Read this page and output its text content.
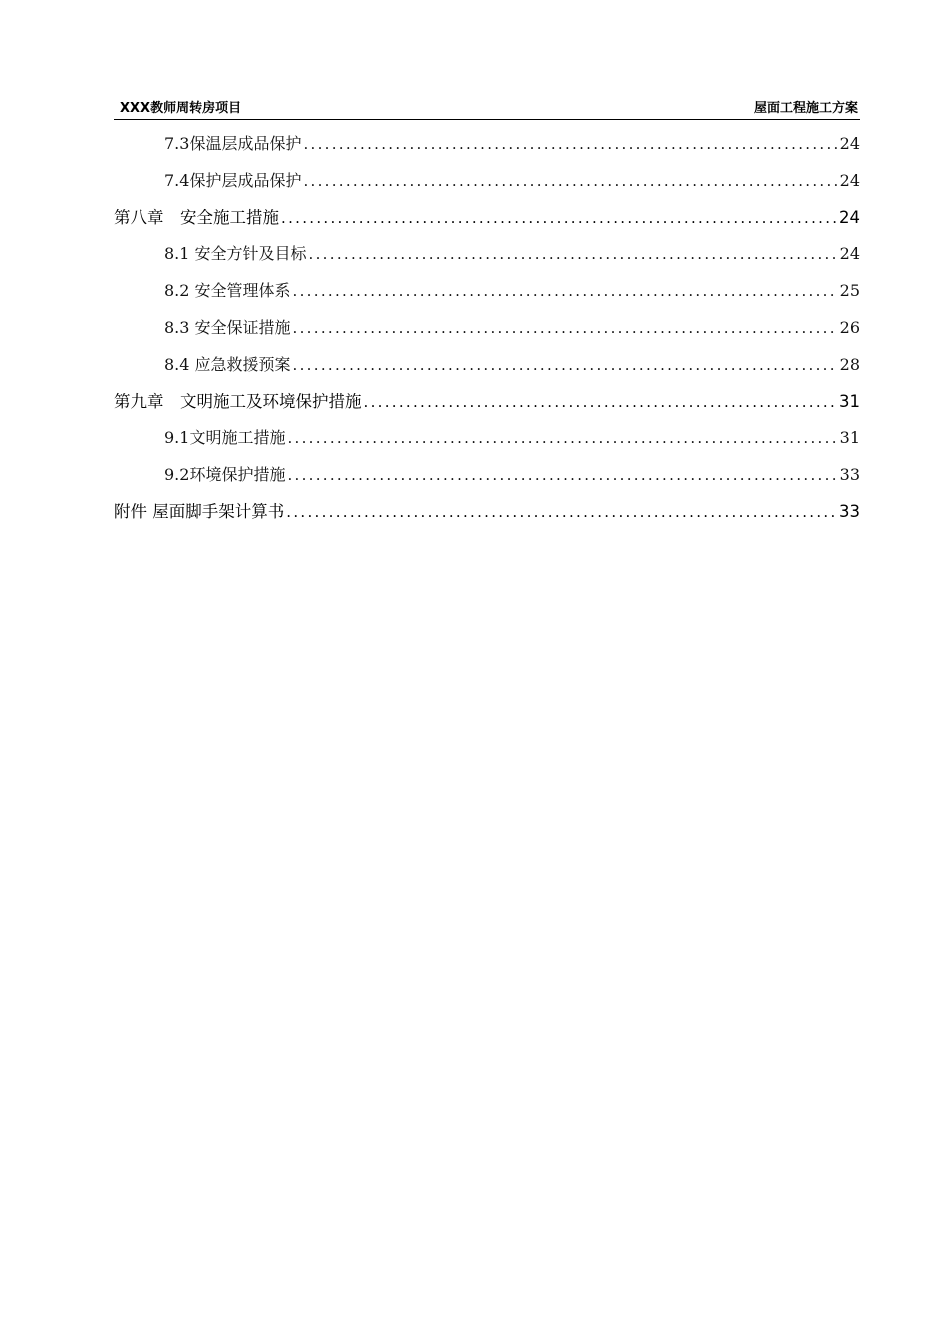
XXX教师周转房项目	屋面工程施工方案
7.3保温层成品保护 .....	24
7.4保护层成品保护 .....	24
第八章　安全施工措施 .....	24
8.1 安全方针及目标 .....	24
8.2 安全管理体系 .....	25
8.3 安全保证措施 .....	26
8.4 应急救援预案 .....	28
第九章　文明施工及环境保护措施 .....	31
9.1文明施工措施 .....	31
9.2环境保护措施 .....	33
附件 屋面脚手架计算书 .....	33
